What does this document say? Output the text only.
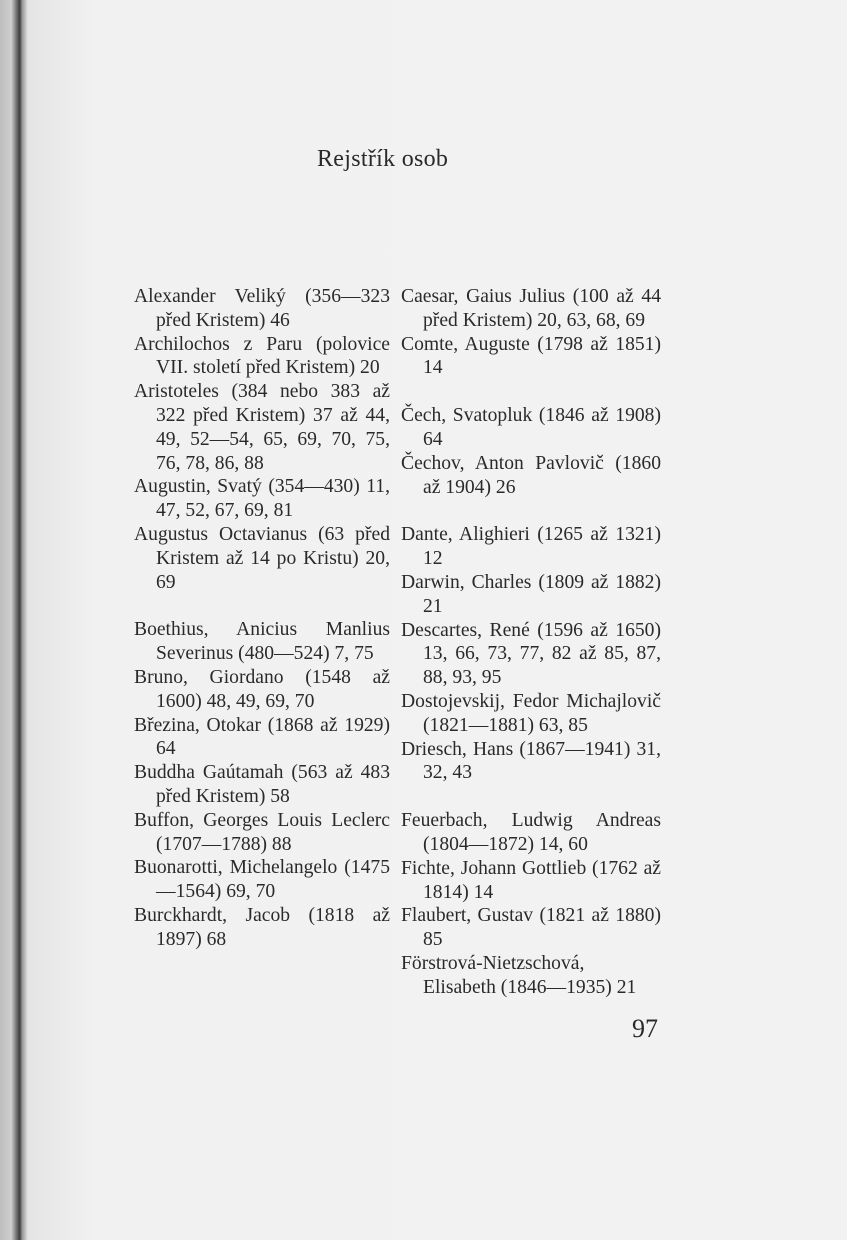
Rejstřík osob
Alexander Veliký (356—323 před Kristem) 46
Archilochos z Paru (polovice VII. století před Kristem) 20
Aristoteles (384 nebo 383 až 322 před Kristem) 37 až 44, 49, 52—54, 65, 69, 70, 75, 76, 78, 86, 88
Augustin, Svatý (354—430) 11, 47, 52, 67, 69, 81
Augustus Octavianus (63 před Kristem až 14 po Kristu) 20, 69
Boethius, Anicius Manlius Severinus (480—524) 7, 75
Bruno, Giordano (1548 až 1600) 48, 49, 69, 70
Březina, Otokar (1868 až 1929) 64
Buddha Gaútamah (563 až 483 před Kristem) 58
Buffon, Georges Louis Leclerc (1707—1788) 88
Buonarotti, Michelangelo (1475—1564) 69, 70
Burckhardt, Jacob (1818 až 1897) 68
Caesar, Gaius Julius (100 až 44 před Kristem) 20, 63, 68, 69
Comte, Auguste (1798 až 1851) 14
Čech, Svatopluk (1846 až 1908) 64
Čechov, Anton Pavlovič (1860 až 1904) 26
Dante, Alighieri (1265 až 1321) 12
Darwin, Charles (1809 až 1882) 21
Descartes, René (1596 až 1650) 13, 66, 73, 77, 82 až 85, 87, 88, 93, 95
Dostojevskij, Fedor Michajlovič (1821—1881) 63, 85
Driesch, Hans (1867—1941) 31, 32, 43
Feuerbach, Ludwig Andreas (1804—1872) 14, 60
Fichte, Johann Gottlieb (1762 až 1814) 14
Flaubert, Gustav (1821 až 1880) 85
Förstrová-Nietzschová, Elisabeth (1846—1935) 21
97
